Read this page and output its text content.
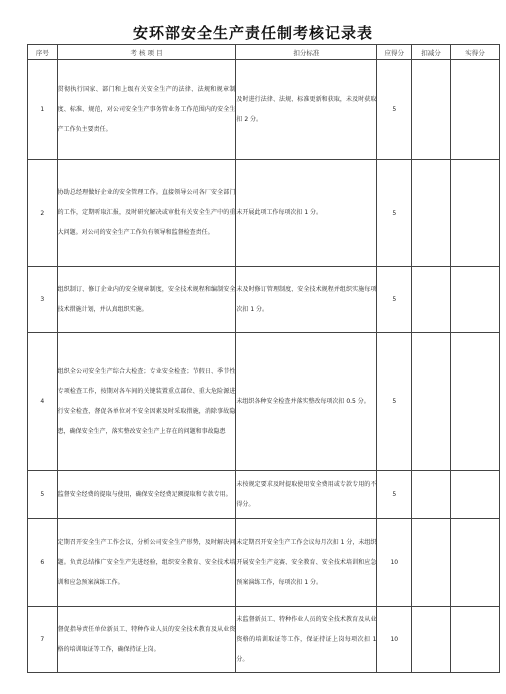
安环部安全生产责任制考核记录表
序号	考 核 项 目	扣分标准	应得分	扣减分	实得分
1	贯彻执行国家、部门和上级有关安全生产的法律、法规和规章制度、标准、规范，对公司安全生产事务管业务工作范围内的安全生产工作负主要责任。	及时进行法律、法规、标准更新和获取，未及时获取扣 2 分。	5		
2	协助总经理做好企业的安全管理工作。直接领导公司各厂安全部门的工作，定期听取汇报，及时研究解决或审批有关安全生产中的重大问题。对公司的安全生产工作负有领导和监督检查责任。	未开展此项工作每项次扣 1 分。	5		
3	组织制订、修订企业内的安全规章制度，安全技术规程和编制安全技术措施计划，并认真组织实施。	未及时修订管理制度、安全技术规程并组织实施每项次扣 1 分。	5		
4	组织全公司安全生产综合大检查；专业安全检查；节假日、季节性专项检查工作，按期对各车间的关键装置重点部位、重大危险源进行安全检查，督促各单位对不安全因素及时采取措施，消除事故隐患，确保安全生产，落实整改安全生产上存在的问题和事故隐患	未组织各种安全检查并落实整改每项次扣 0.5 分。	5		
5	监督安全经费的提取与使用，确保安全经费足额提取和专款专用。	未按规定要求及时提取使用安全费用或专款专用的不得分。	5		
6	定期召开安全生产工作会议，分析公司安全生产形势，及时解决问题。负责总结推广安全生产先进经验，组织安全教育、安全技术培训和应急预案演练工作。	未定期召开安全生产工作会议每月次扣 1 分，未组织开展安全生产竞赛、安全教育、安全技术培训和应急预案演练工作，每项次扣 1 分。	10		
7	督促指导责任单位新员工、特种作业人员的安全技术教育及从业资格的培训取证等工作，确保持证上岗。	未监督新员工、特种作业人员的安全技术教育及从业资格的培训取证等工作，保证持证上岗每项次扣 1 分。	10		
